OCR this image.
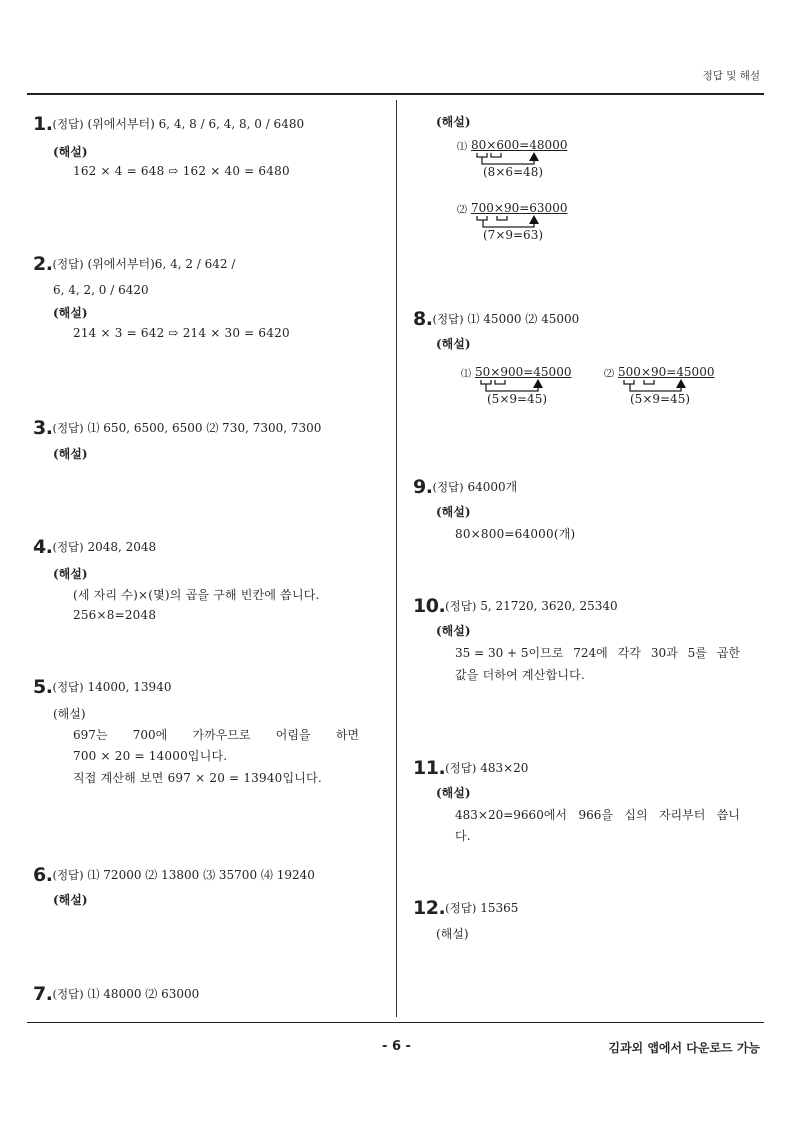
정답 및 해설
1.(정답) (위에서부터) 6, 4, 8 / 6, 4, 8, 0 / 6480
(해설)
162 × 4 = 648 ⇨ 162 × 40 = 6480
2.(정답) (위에서부터)6, 4, 2 / 642 /
6, 4, 2, 0 / 6420
(해설)
214 × 3 = 642 ⇨ 214 × 30 = 6420
3.(정답) ⑴ 650, 6500, 6500 ⑵ 730, 7300, 7300
(해설)
4.(정답) 2048, 2048
(해설)
(세 자리 수)×(몇)의 곱을 구해 빈칸에 씁니다.
256×8=2048
5.(정답) 14000, 13940
(해설)
697는 700에 가까우므로 어림을 하면
700 × 20 = 14000입니다.
직접 계산해 보면 697 × 20 = 13940입니다.
6.(정답) ⑴ 72000 ⑵ 13800 ⑶ 35700 ⑷ 19240
(해설)
7.(정답) ⑴ 48000 ⑵ 63000
(해설)
⑴ 80×600=48000
(8×6=48)
⑵ 700×90=63000
(7×9=63)
8.(정답) ⑴ 45000 ⑵ 45000
(해설)
⑴ 50×900=45000
(5×9=45)
⑵ 500×90=45000
(5×9=45)
9.(정답) 64000개
(해설)
80×800=64000(개)
10.(정답) 5, 21720, 3620, 25340
(해설)
35 = 30 + 5이므로 724에 각각 30과 5를 곱한
값을 더하여 계산합니다.
11.(정답) 483×20
(해설)
483×20=9660에서 966을 십의 자리부터 씁니
다.
12.(정답) 15365
(해설)
- 6 -	김과외 앱에서 다운로드 가능
